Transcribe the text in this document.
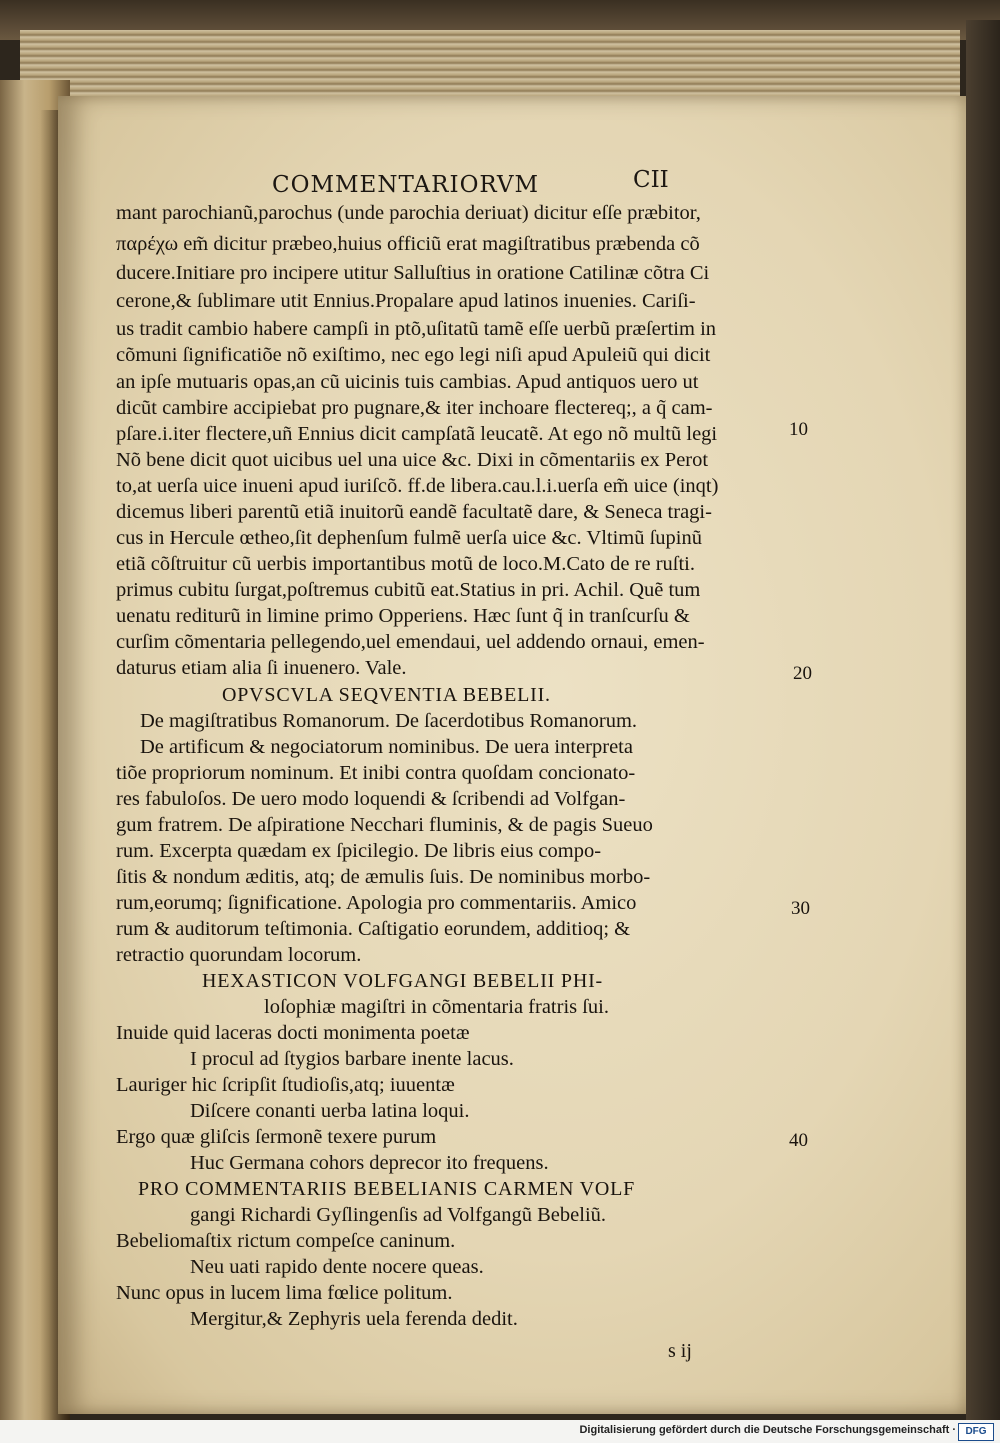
COMMENTARIORVM	CII
mant parochianũ,parochus (unde parochia deriuat) dicitur eſſe præbitor,
παρέχω em̃ dicitur præbeo,huius officiũ erat magiſtratibus præbenda cõ
ducere.Initiare pro incipere utitur Salluſtius in oratione Catilinæ cõtra Ci
cerone,& ſublimare utit Ennius.Propalare apud latinos inuenies. Cariſi-
us tradit cambio habere campſi in ptõ,uſitatũ tamẽ eſſe uerbũ præſertim in
cõmuni ſignificatiõe nõ exiſtimo, nec ego legi niſi apud Apuleiũ qui dicit
an ipſe mutuaris opas,an cũ uicinis tuis cambias. Apud antiquos uero ut
dicũt cambire accipiebat pro pugnare,& iter inchoare flectereq;, a q̃ cam-
pſare.i.iter flectere,uñ Ennius dicit campſatã leucatẽ. At ego nõ multũ legi
Nõ bene dicit quot uicibus uel una uice &c. Dixi in cõmentariis ex Perot
to,at uerſa uice inueni apud iuriſcõ. ff.de libera.cau.l.i.uerſa em̃ uice (inqt)
dicemus liberi parentũ etiã inuitorũ eandẽ facultatẽ dare, & Seneca tragi-
cus in Hercule œtheo,ſit dephenſum fulmẽ uerſa uice &c. Vltimũ ſupinũ
etiã cõſtruitur cũ uerbis importantibus motũ de loco.M.Cato de re ruſti.
primus cubitu ſurgat,poſtremus cubitũ eat.Statius in pri. Achil. Quẽ tum
uenatu rediturũ in limine primo Opperiens. Hæc ſunt q̃ in tranſcurſu &
curſim cõmentaria pellegendo,uel emendaui, uel addendo ornaui, emen-
daturus etiam alia ſi inuenero. Vale.
OPVSCVLA SEQVENTIA BEBELII.
De magiſtratibus Romanorum. De ſacerdotibus Romanorum.
De artificum & negociatorum nominibus. De uera interpreta
tiõe propriorum nominum. Et inibi contra quoſdam concionato-
res fabuloſos. De uero modo loquendi & ſcribendi ad Volfgan-
gum fratrem. De aſpiratione Necchari fluminis, & de pagis Sueuo
rum. Excerpta quædam ex ſpicilegio. De libris eius compo-
ſitis & nondum æditis, atq; de æmulis ſuis. De nominibus morbo-
rum,eorumq; ſignificatione. Apologia pro commentariis. Amico
rum & auditorum teſtimonia. Caſtigatio eorundem, additioq; &
retractio quorundam locorum.
HEXASTICON VOLFGANGI BEBELII PHI-
loſophiæ magiſtri in cõmentaria fratris ſui.
Inuide quid laceras docti monimenta poetæ
I procul ad ſtygios barbare inente lacus.
Lauriger hic ſcripſit ſtudioſis,atq; iuuentæ
Diſcere conanti uerba latina loqui.
Ergo quæ gliſcis ſermonẽ texere purum
Huc Germana cohors deprecor ito frequens.
PRO COMMENTARIIS BEBELIANIS CARMEN VOLF
gangi Richardi Gyſlingenſis ad Volfgangũ Bebeliũ.
Bebeliomaſtix rictum compeſce caninum.
Neu uati rapido dente nocere queas.
Nunc opus in lucem lima fœlice politum.
Mergitur,& Zephyris uela ferenda dedit.
10
20
30
40
s ij
Digitalisierung gefördert durch die Deutsche Forschungsgemeinschaft · DFG
